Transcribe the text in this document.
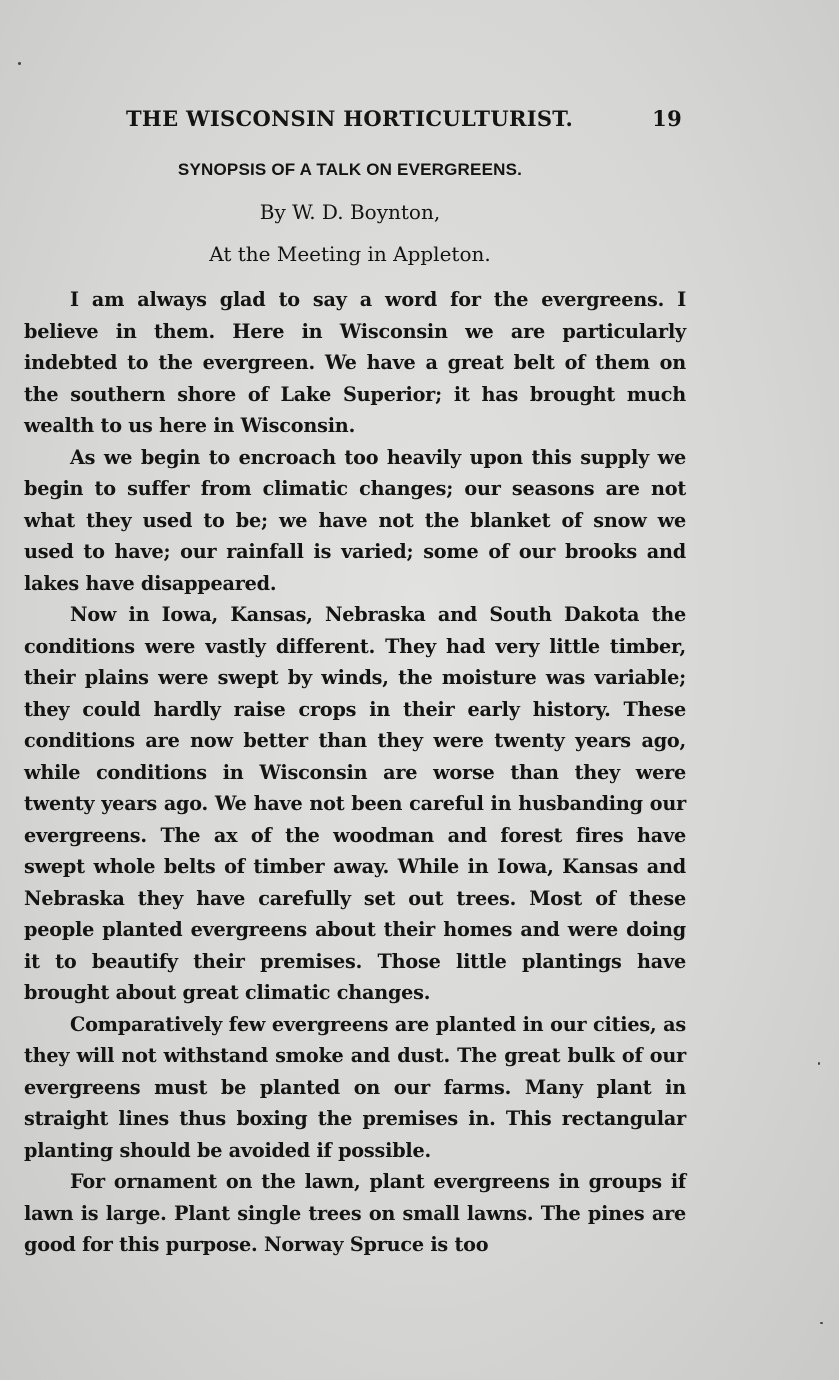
THE WISCONSIN HORTICULTURIST.	19
SYNOPSIS OF A TALK ON EVERGREENS.
By W. D. Boynton,
At the Meeting in Appleton.

I am always glad to say a word for the evergreens. I believe in them. Here in Wisconsin we are particularly indebted to the evergreen. We have a great belt of them on the southern shore of Lake Superior; it has brought much wealth to us here in Wisconsin.

As we begin to encroach too heavily upon this supply we begin to suffer from climatic changes; our seasons are not what they used to be; we have not the blanket of snow we used to have; our rainfall is varied; some of our brooks and lakes have disappeared.

Now in Iowa, Kansas, Nebraska and South Dakota the conditions were vastly different. They had very little timber, their plains were swept by winds, the moisture was variable; they could hardly raise crops in their early history. These conditions are now better than they were twenty years ago, while conditions in Wisconsin are worse than they were twenty years ago. We have not been careful in husbanding our evergreens. The ax of the woodman and forest fires have swept whole belts of timber away. While in Iowa, Kansas and Nebraska they have carefully set out trees. Most of these people planted evergreens about their homes and were doing it to beautify their premises. Those little plantings have brought about great climatic changes.

Comparatively few evergreens are planted in our cities, as they will not withstand smoke and dust. The great bulk of our evergreens must be planted on our farms. Many plant in straight lines thus boxing the premises in. This rectangular planting should be avoided if possible.

For ornament on the lawn, plant evergreens in groups if lawn is large. Plant single trees on small lawns. The pines are good for this purpose. Norway Spruce is too
